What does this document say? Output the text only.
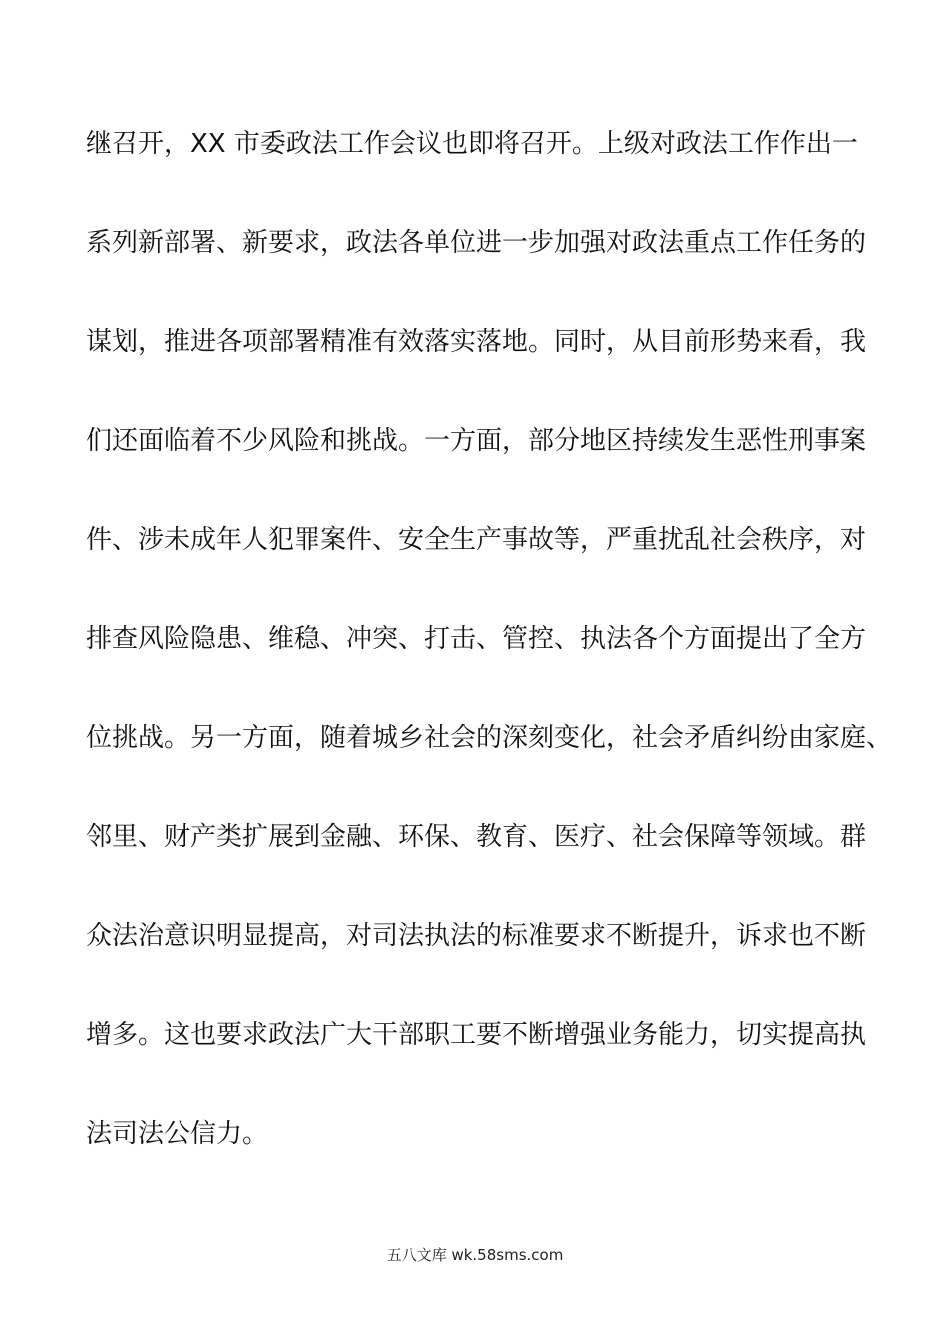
继召开，XX 市委政法工作会议也即将召开。上级对政法工作作出一
系列新部署、新要求，政法各单位进一步加强对政法重点工作任务的
谋划，推进各项部署精准有效落实落地。同时，从目前形势来看，我
们还面临着不少风险和挑战。一方面，部分地区持续发生恶性刑事案
件、涉未成年人犯罪案件、安全生产事故等，严重扰乱社会秩序，对
排查风险隐患、维稳、冲突、打击、管控、执法各个方面提出了全方
位挑战。另一方面，随着城乡社会的深刻变化，社会矛盾纠纷由家庭、
邻里、财产类扩展到金融、环保、教育、医疗、社会保障等领域。群
众法治意识明显提高，对司法执法的标准要求不断提升，诉求也不断
增多。这也要求政法广大干部职工要不断增强业务能力，切实提高执
法司法公信力。
五八文库 wk.58sms.com
